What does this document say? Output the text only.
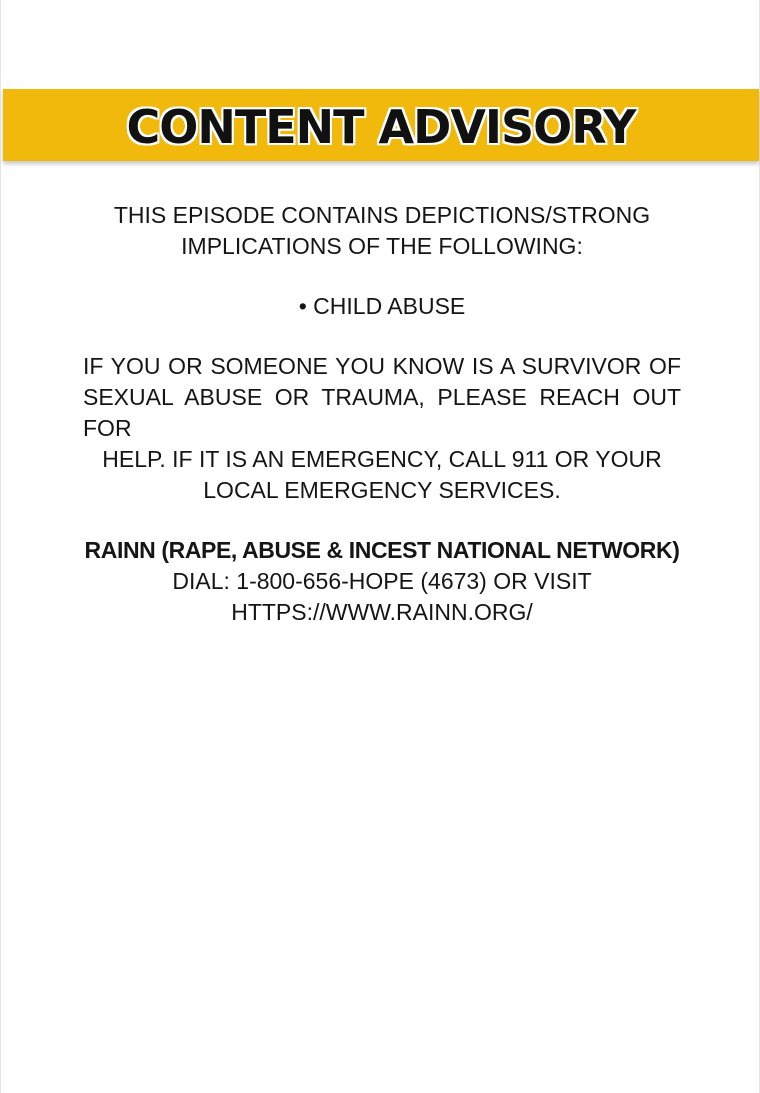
CONTENT ADVISORY
THIS EPISODE CONTAINS DEPICTIONS/STRONG
IMPLICATIONS OF THE FOLLOWING:
• CHILD ABUSE
IF YOU OR SOMEONE YOU KNOW IS A SURVIVOR OF
SEXUAL ABUSE OR TRAUMA, PLEASE REACH OUT FOR
HELP. IF IT IS AN EMERGENCY, CALL 911 OR YOUR
LOCAL EMERGENCY SERVICES.
RAINN (RAPE, ABUSE & INCEST NATIONAL NETWORK)
DIAL: 1-800-656-HOPE (4673) OR VISIT
HTTPS://WWW.RAINN.ORG/
